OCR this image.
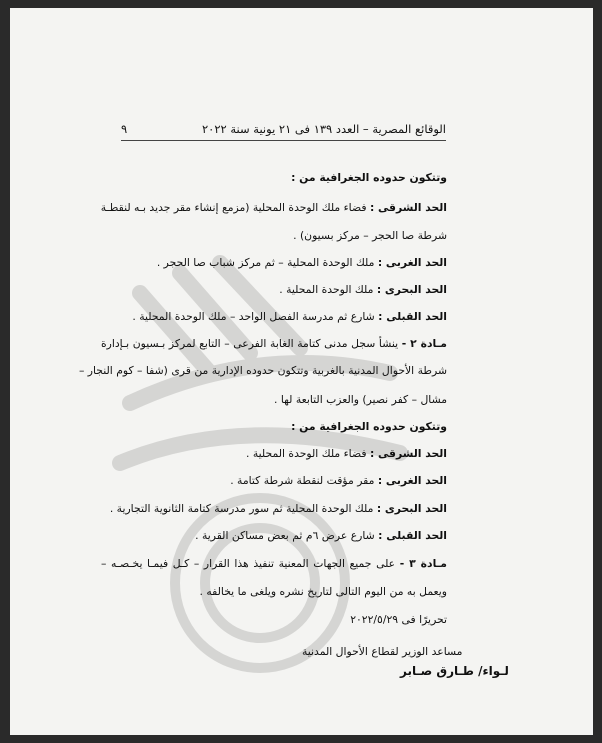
الوقائع المصرية – العدد ١٣٩ فى ٢١ يونية سنة ٢٠٢٢
٩
وتتكون حدوده الجغرافية من :
الحد الشرقى : فضاء ملك الوحدة المحلية (مزمع إنشاء مقر جديد بـه لنقطـة
شرطة صا الحجر – مركز بسيون) .
الحد الغربى : ملك الوحدة المحلية – ثم مركز شباب صا الحجر .
الحد البحرى : ملك الوحدة المحلية .
الحد القبلى : شارع ثم مدرسة الفصل الواحد – ملك الوحدة المحلية .
مـادة ٢ - ينشأ سجل مدنى كتامة الغابة الفرعى – التابع لمركز بـسيون بـإدارة
شرطة الأحوال المدنية بالغربية وتتكون حدوده الإدارية من قرى (شفا – كوم النجار –
مشال – كفر نصير) والعزب التابعة لها .
وتتكون حدوده الجغرافية من :
الحد الشرقى : فضاء ملك الوحدة المحلية .
الحد الغربى : مقر مؤقت لنقطة شرطة كتامة .
الحد البحرى : ملك الوحدة المحلية ثم سور مدرسة كتامة الثانوية التجارية .
الحد القبلى : شارع عرض ٦م ثم بعض مساكن القرية .
مـادة ٣ - على جميع الجهات المعنية تنفيذ هذا القرار – كـل فيمـا يخـصـه –
ويعمل به من اليوم التالى لتاريخ نشره ويلغى ما يخالفه .
تحريرًا فى ٢٠٢٢/٥/٢٩
مساعد الوزير لقطاع الأحوال المدنية
لـواء/ طـارق صـابر
